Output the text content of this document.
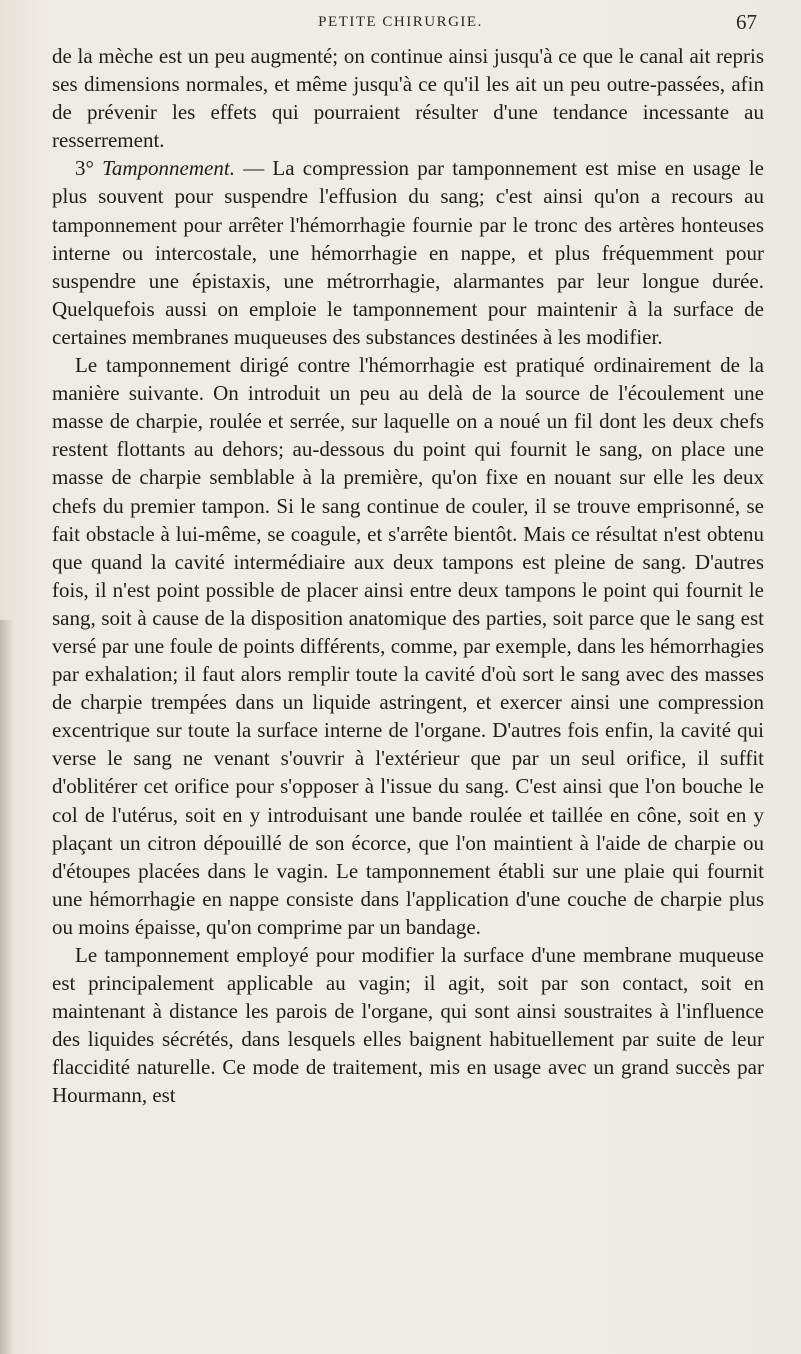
PETITE CHIRURGIE.	67

de la mèche est un peu augmenté; on continue ainsi jusqu'à ce que le canal ait repris ses dimensions normales, et même jusqu'à ce qu'il les ait un peu outre-passées, afin de prévenir les effets qui pourraient résulter d'une tendance incessante au resserrement.

3° Tamponnement. — La compression par tamponnement est mise en usage le plus souvent pour suspendre l'effusion du sang; c'est ainsi qu'on a recours au tamponnement pour arrêter l'hémorrhagie fournie par le tronc des artères honteuses interne ou intercostale, une hémorrhagie en nappe, et plus fréquemment pour suspendre une épistaxis, une métrorrhagie, alarmantes par leur longue durée. Quelquefois aussi on emploie le tamponnement pour maintenir à la surface de certaines membranes muqueuses des substances destinées à les modifier.

Le tamponnement dirigé contre l'hémorrhagie est pratiqué ordinairement de la manière suivante. On introduit un peu au delà de la source de l'écoulement une masse de charpie, roulée et serrée, sur laquelle on a noué un fil dont les deux chefs restent flottants au dehors; au-dessous du point qui fournit le sang, on place une masse de charpie semblable à la première, qu'on fixe en nouant sur elle les deux chefs du premier tampon. Si le sang continue de couler, il se trouve emprisonné, se fait obstacle à lui-même, se coagule, et s'arrête bientôt. Mais ce résultat n'est obtenu que quand la cavité intermédiaire aux deux tampons est pleine de sang. D'autres fois, il n'est point possible de placer ainsi entre deux tampons le point qui fournit le sang, soit à cause de la disposition anatomique des parties, soit parce que le sang est versé par une foule de points différents, comme, par exemple, dans les hémorrhagies par exhalation; il faut alors remplir toute la cavité d'où sort le sang avec des masses de charpie trempées dans un liquide astringent, et exercer ainsi une compression excentrique sur toute la surface interne de l'organe. D'autres fois enfin, la cavité qui verse le sang ne venant s'ouvrir à l'extérieur que par un seul orifice, il suffit d'oblitérer cet orifice pour s'opposer à l'issue du sang. C'est ainsi que l'on bouche le col de l'utérus, soit en y introduisant une bande roulée et taillée en cône, soit en y plaçant un citron dépouillé de son écorce, que l'on maintient à l'aide de charpie ou d'étoupes placées dans le vagin. Le tamponnement établi sur une plaie qui fournit une hémorrhagie en nappe consiste dans l'application d'une couche de charpie plus ou moins épaisse, qu'on comprime par un bandage.

Le tamponnement employé pour modifier la surface d'une membrane muqueuse est principalement applicable au vagin; il agit, soit par son contact, soit en maintenant à distance les parois de l'organe, qui sont ainsi soustraites à l'influence des liquides sécrétés, dans lesquels elles baignent habituellement par suite de leur flaccidité naturelle. Ce mode de traitement, mis en usage avec un grand succès par Hourmann, est
